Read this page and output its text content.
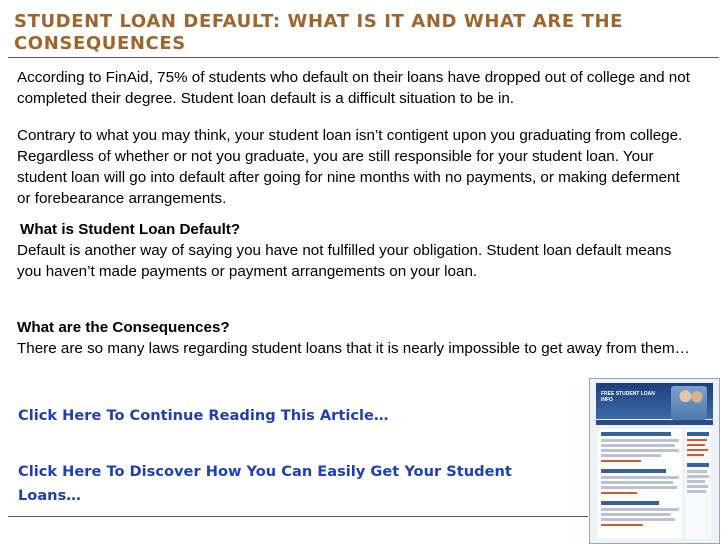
STUDENT LOAN DEFAULT: WHAT IS IT AND WHAT ARE THE CONSEQUENCES

According to FinAid, 75% of students who default on their loans have dropped out of college and not completed their degree. Student loan default is a difficult situation to be in.

Contrary to what you may think, your student loan isn’t contigent upon you graduating from college. Regardless of whether or not you graduate, you are still responsible for your student loan. Your student loan will go into default after going for nine months with no payments, or making deferment or forebearance arrangements.

What is Student Loan Default?

Default is another way of saying you have not fulfilled your obligation. Student loan default means you haven’t made payments or payment arrangements on your loan.

What are the Consequences?

There are so many laws regarding student loans that it is nearly impossible to get away from them…

Click Here To Continue Reading This Article…
Click Here To Discover How You Can Easily Get Your Student Loans…
FREE STUDENT LOAN INFO
